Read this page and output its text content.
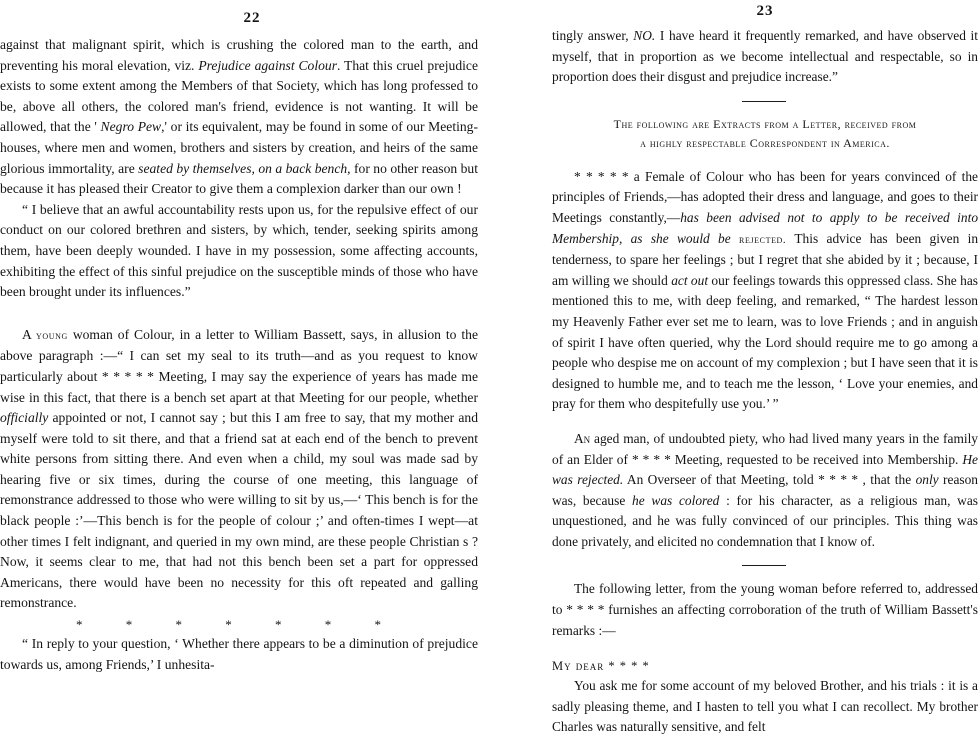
22

against that malignant spirit, which is crushing the colored man to the earth, and preventing his moral elevation, viz. Prejudice against Colour. That this cruel prejudice exists to some extent among the Members of that Society, which has long professed to be, above all others, the colored man's friend, evidence is not wanting. It will be allowed, that the ' Negro Pew,' or its equivalent, may be found in some of our Meeting-houses, where men and women, brothers and sisters by creation, and heirs of the same glorious immortality, are seated by themselves, on a back bench, for no other reason but because it has pleased their Creator to give them a complexion darker than our own !

“ I believe that an awful accountability rests upon us, for the repulsive effect of our conduct on our colored brethren and sisters, by which, tender, seeking spirits among them, have been deeply wounded. I have in my possession, some affecting accounts, exhibiting the effect of this sinful prejudice on the susceptible minds of those who have been brought under its influences.”

A young woman of Colour, in a letter to William Bassett, says, in allusion to the above paragraph :—“ I can set my seal to its truth—and as you request to know particularly about * * * * * Meeting, I may say the experience of years has made me wise in this fact, that there is a bench set apart at that Meeting for our people, whether officially appointed or not, I cannot say ; but this I am free to say, that my mother and myself were told to sit there, and that a friend sat at each end of the bench to prevent white persons from sitting there. And even when a child, my soul was made sad by hearing five or six times, during the course of one meeting, this language of remonstrance addressed to those who were willing to sit by us,—‘ This bench is for the black people :’—This bench is for the people of colour ;’ and often-times I wept—at other times I felt indignant, and queried in my own mind, are these people Christian s ? Now, it seems clear to me, that had not this bench been set a part for oppressed Americans, there would have been no necessity for this oft repeated and galling remonstrance.

* * * * * * *

“ In reply to your question, ‘ Whether there appears to be a diminution of prejudice towards us, among Friends,’ I unhesita-

23

tingly answer, NO. I have heard it frequently remarked, and have observed it myself, that in proportion as we become intellectual and respectable, so in proportion does their disgust and prejudice increase.”

The following are Extracts from a Letter, received from
a highly respectable Correspondent in America.

* * * * * a Female of Colour who has been for years convinced of the principles of Friends,—has adopted their dress and language, and goes to their Meetings constantly,—has been advised not to apply to be received into Membership, as she would be rejected. This advice has been given in tenderness, to spare her feelings ; but I regret that she abided by it ; because, I am willing we should act out our feelings towards this oppressed class. She has mentioned this to me, with deep feeling, and remarked, “ The hardest lesson my Heavenly Father ever set me to learn, was to love Friends ; and in anguish of spirit I have often queried, why the Lord should require me to go among a people who despise me on account of my complexion ; but I have seen that it is designed to humble me, and to teach me the lesson, ‘ Love your enemies, and pray for them who despitefully use you.’ ”

An aged man, of undoubted piety, who had lived many years in the family of an Elder of * * * * Meeting, requested to be received into Membership. He was rejected. An Overseer of that Meeting, told * * * * , that the only reason was, because he was colored : for his character, as a religious man, was unquestioned, and he was fully convinced of our principles. This thing was done privately, and elicited no condemnation that I know of.

The following letter, from the young woman before referred to, addressed to * * * * furnishes an affecting corroboration of the truth of William Bassett's remarks :—

My dear * * * *

You ask me for some account of my beloved Brother, and his trials : it is a sadly pleasing theme, and I hasten to tell you what I can recollect. My brother Charles was naturally sensitive, and felt
